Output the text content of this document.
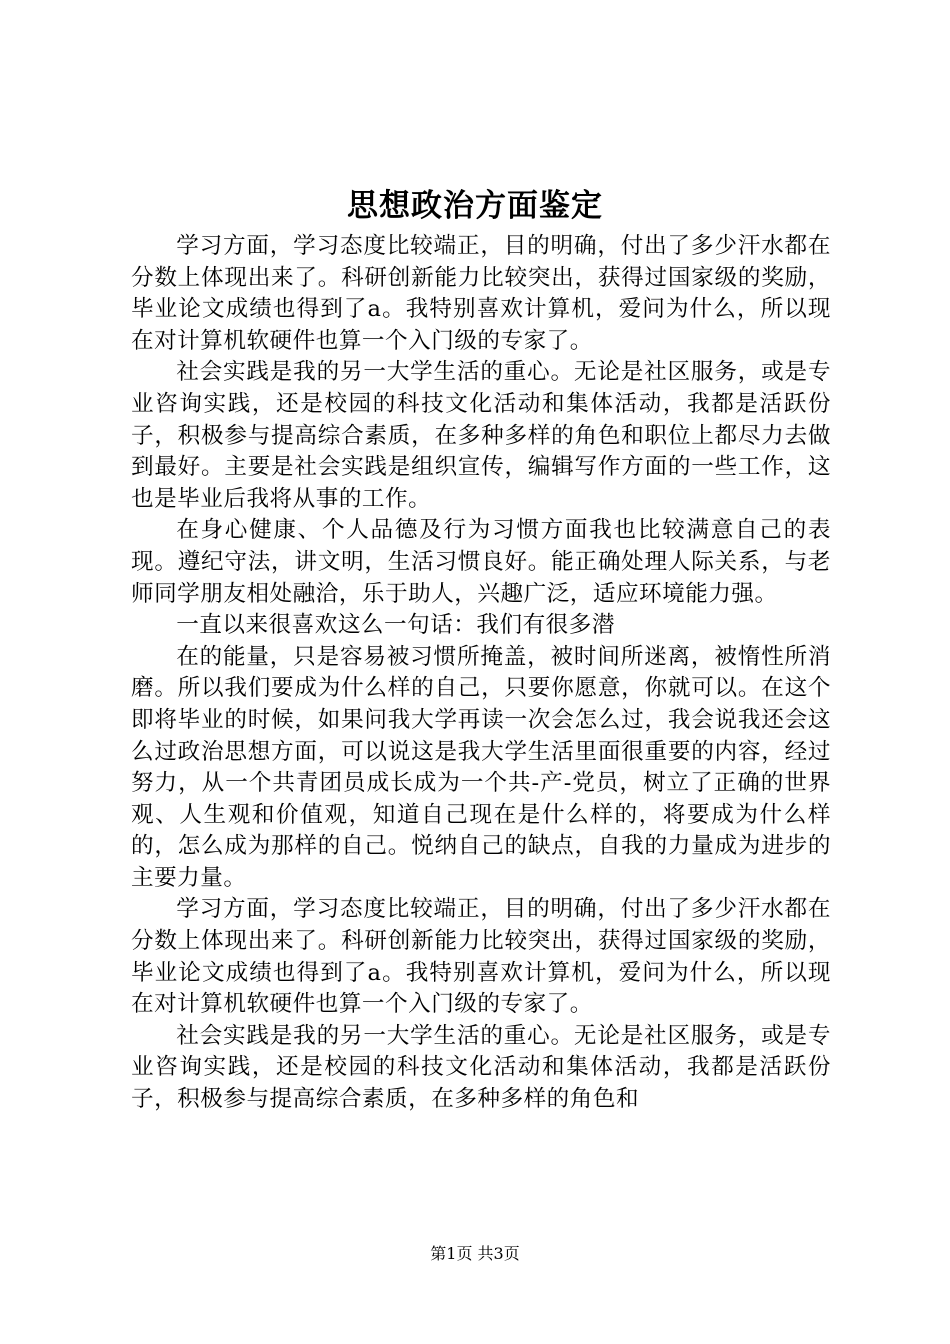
思想政治方面鉴定

学习方面，学习态度比较端正，目的明确，付出了多少汗水都在分数上体现出来了。科研创新能力比较突出，获得过国家级的奖励，毕业论文成绩也得到了a。我特别喜欢计算机，爱问为什么，所以现在对计算机软硬件也算一个入门级的专家了。

社会实践是我的另一大学生活的重心。无论是社区服务，或是专业咨询实践，还是校园的科技文化活动和集体活动，我都是活跃份子，积极参与提高综合素质，在多种多样的角色和职位上都尽力去做到最好。主要是社会实践是组织宣传，编辑写作方面的一些工作，这也是毕业后我将从事的工作。

在身心健康、个人品德及行为习惯方面我也比较满意自己的表现。遵纪守法，讲文明，生活习惯良好。能正确处理人际关系，与老师同学朋友相处融洽，乐于助人，兴趣广泛，适应环境能力强。

一直以来很喜欢这么一句话：我们有很多潜

在的能量，只是容易被习惯所掩盖，被时间所迷离，被惰性所消磨。所以我们要成为什么样的自己，只要你愿意，你就可以。在这个即将毕业的时候，如果问我大学再读一次会怎么过，我会说我还会这么过政治思想方面，可以说这是我大学生活里面很重要的内容，经过努力，从一个共青团员成长成为一个共-产-党员，树立了正确的世界观、人生观和价值观，知道自己现在是什么样的，将要成为什么样的，怎么成为那样的自己。悦纳自己的缺点，自我的力量成为进步的主要力量。

学习方面，学习态度比较端正，目的明确，付出了多少汗水都在分数上体现出来了。科研创新能力比较突出，获得过国家级的奖励，毕业论文成绩也得到了a。我特别喜欢计算机，爱问为什么，所以现在对计算机软硬件也算一个入门级的专家了。

社会实践是我的另一大学生活的重心。无论是社区服务，或是专业咨询实践，还是校园的科技文化活动和集体活动，我都是活跃份子，积极参与提高综合素质，在多种多样的角色和

第1页 共3页
